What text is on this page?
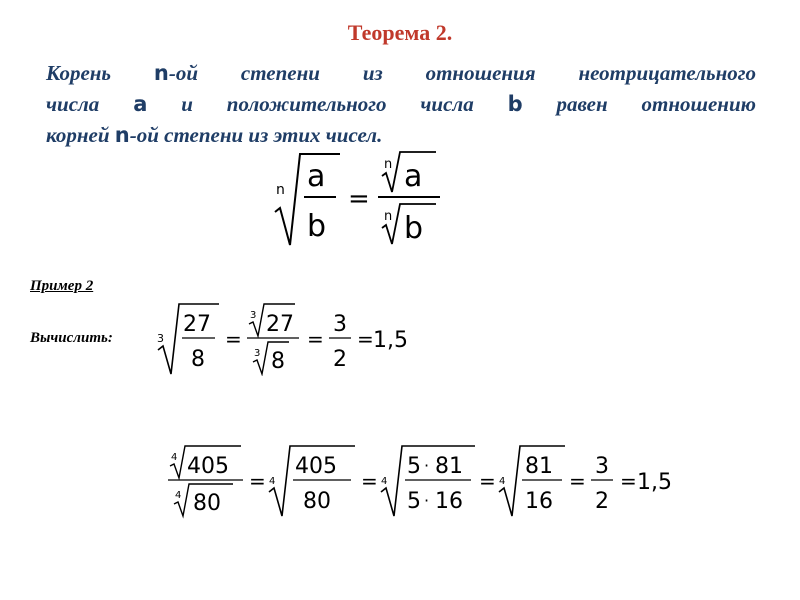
Теорема 2.
Корень n-ой степени из отношения неотрицательного
числа a и положительного числа b равен отношению
корней n-ой степени из этих чисел.
n a
b
=
n a
n b
Пример 2
Вычислить:	3
27
8
=
3 27
3 8
=
3
2
= 1,5
4 405
4 80
= 4
405
80
= 4
5 · 81
5 · 16
= 4
81
16
=
3
2
= 1,5
